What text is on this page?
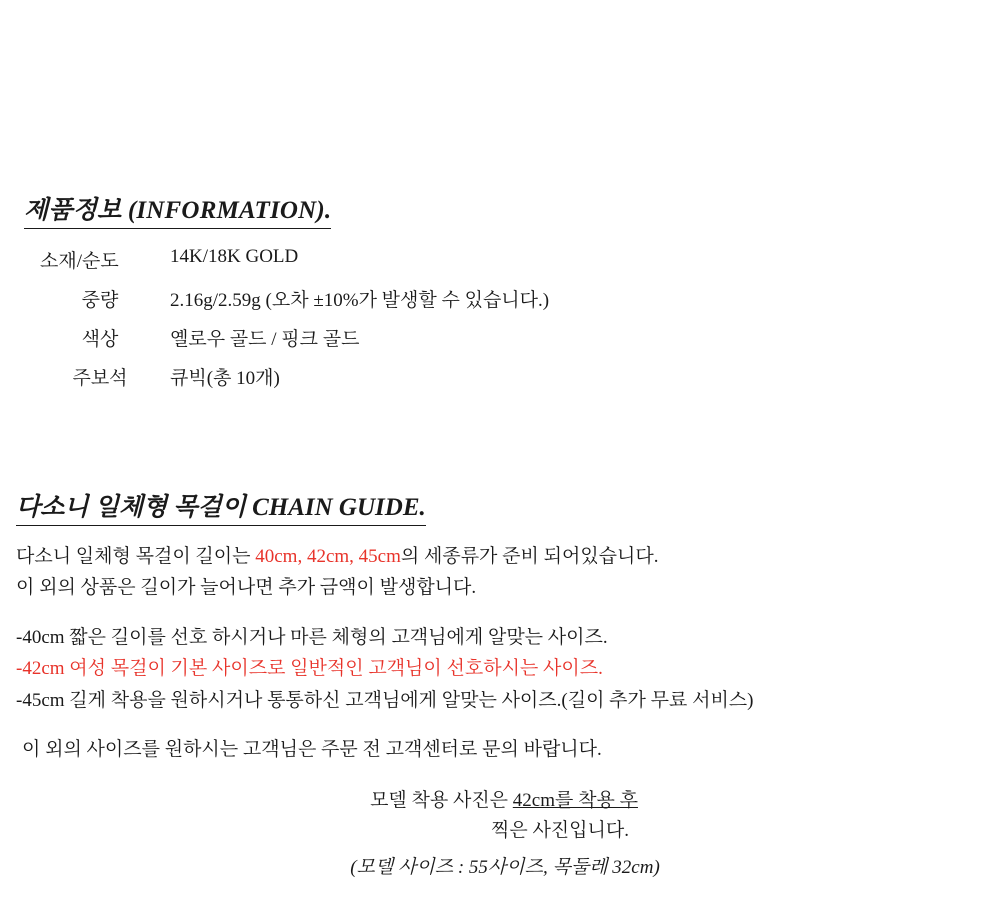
제품정보 (INFORMATION).
소재/순도	14K/18K GOLD
중량	2.16g/2.59g (오차 ±10%가 발생할 수 있습니다.)
색상	옐로우 골드 / 핑크 골드
주보석	큐빅(총 10개)
다소니 일체형 목걸이 CHAIN GUIDE.

다소니 일체형 목걸이 길이는 40cm, 42cm, 45cm의 세종류가 준비 되어있습니다.

이 외의 상품은 길이가 늘어나면 추가 금액이 발생합니다.

-40cm 짧은 길이를 선호 하시거나 마른 체형의 고객님에게 알맞는 사이즈.

-42cm 여성 목걸이 기본 사이즈로 일반적인 고객님이 선호하시는 사이즈.

-45cm 길게 착용을 원하시거나 통통하신 고객님에게 알맞는 사이즈.(길이 추가 무료 서비스)

이 외의 사이즈를 원하시는 고객님은 주문 전 고객센터로 문의 바랍니다.

모델 착용 사진은 42cm를 착용 후
찍은 사진입니다.
(모델 사이즈 : 55사이즈, 목둘레 32cm)
